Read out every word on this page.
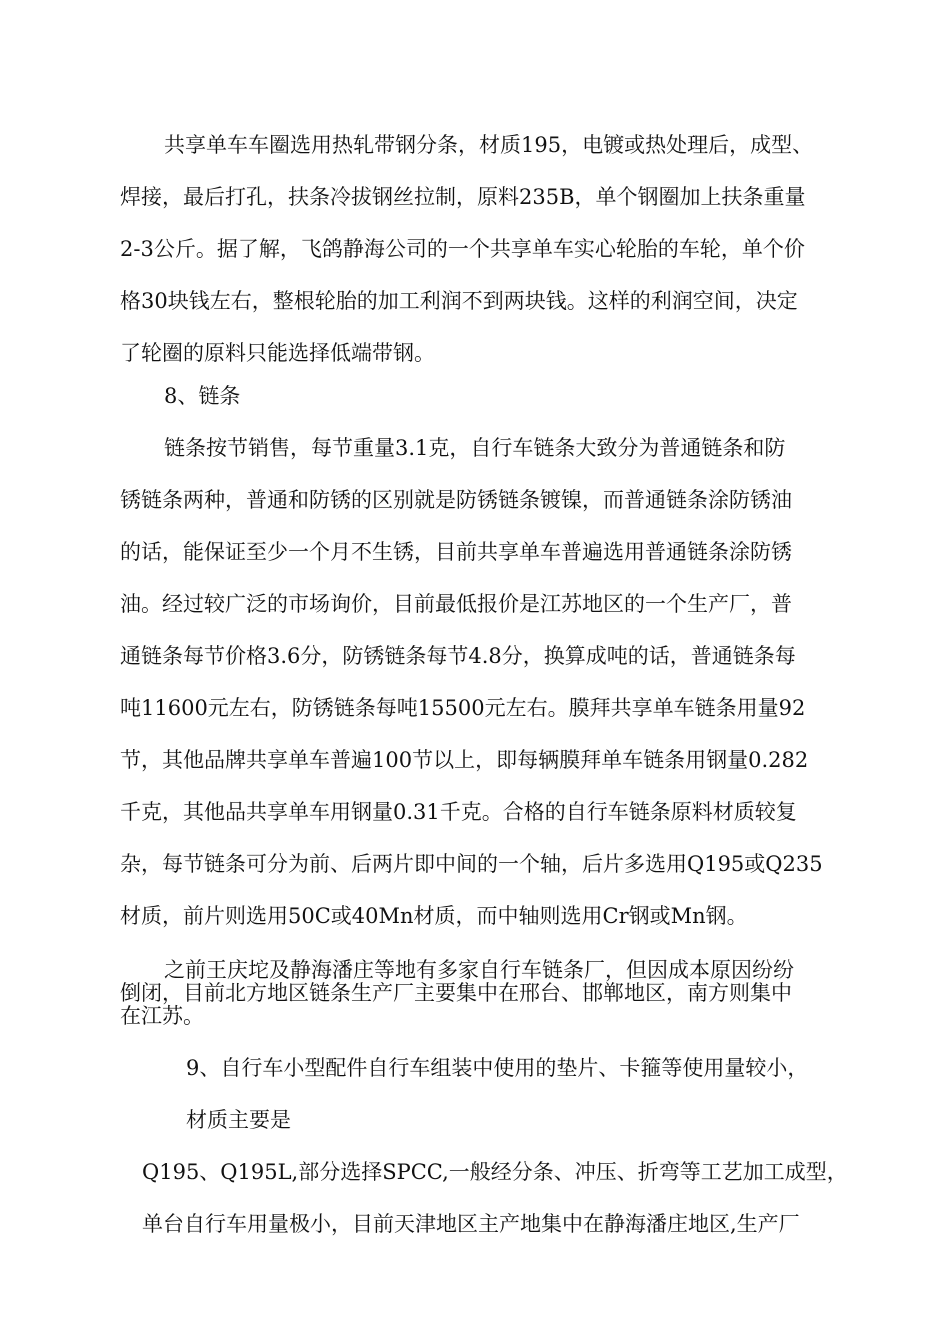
共享单车车圈选用热轧带钢分条，材质195，电镀或热处理后，成型、
焊接，最后打孔，扶条冷拔钢丝拉制，原料235B，单个钢圈加上扶条重量
2-3公斤。据了解，飞鸽静海公司的一个共享单车实心轮胎的车轮，单个价
格30块钱左右，整根轮胎的加工利润不到两块钱。这样的利润空间，决定
了轮圈的原料只能选择低端带钢。
8、链条
链条按节销售，每节重量3.1克，自行车链条大致分为普通链条和防
锈链条两种，普通和防锈的区别就是防锈链条镀镍，而普通链条涂防锈油
的话，能保证至少一个月不生锈，目前共享单车普遍选用普通链条涂防锈
油。经过较广泛的市场询价，目前最低报价是江苏地区的一个生产厂，普
通链条每节价格3.6分，防锈链条每节4.8分，换算成吨的话，普通链条每
吨11600元左右，防锈链条每吨15500元左右。膜拜共享单车链条用量92
节，其他品牌共享单车普遍100节以上，即每辆膜拜单车链条用钢量0.282
千克，其他品共享单车用钢量0.31千克。合格的自行车链条原料材质较复
杂，每节链条可分为前、后两片即中间的一个轴，后片多选用Q195或Q235
材质，前片则选用50C或40Mn材质，而中轴则选用Cr钢或Mn钢。
之前王庆坨及静海潘庄等地有多家自行车链条厂，但因成本原因纷纷
倒闭，目前北方地区链条生产厂主要集中在邢台、邯郸地区，南方则集中
在江苏。
9、自行车小型配件自行车组装中使用的垫片、卡箍等使用量较小，
材质主要是
Q195、Q195L,部分选择SPCC,一般经分条、冲压、折弯等工艺加工成型，
单台自行车用量极小，目前天津地区主产地集中在静海潘庄地区,生产厂
